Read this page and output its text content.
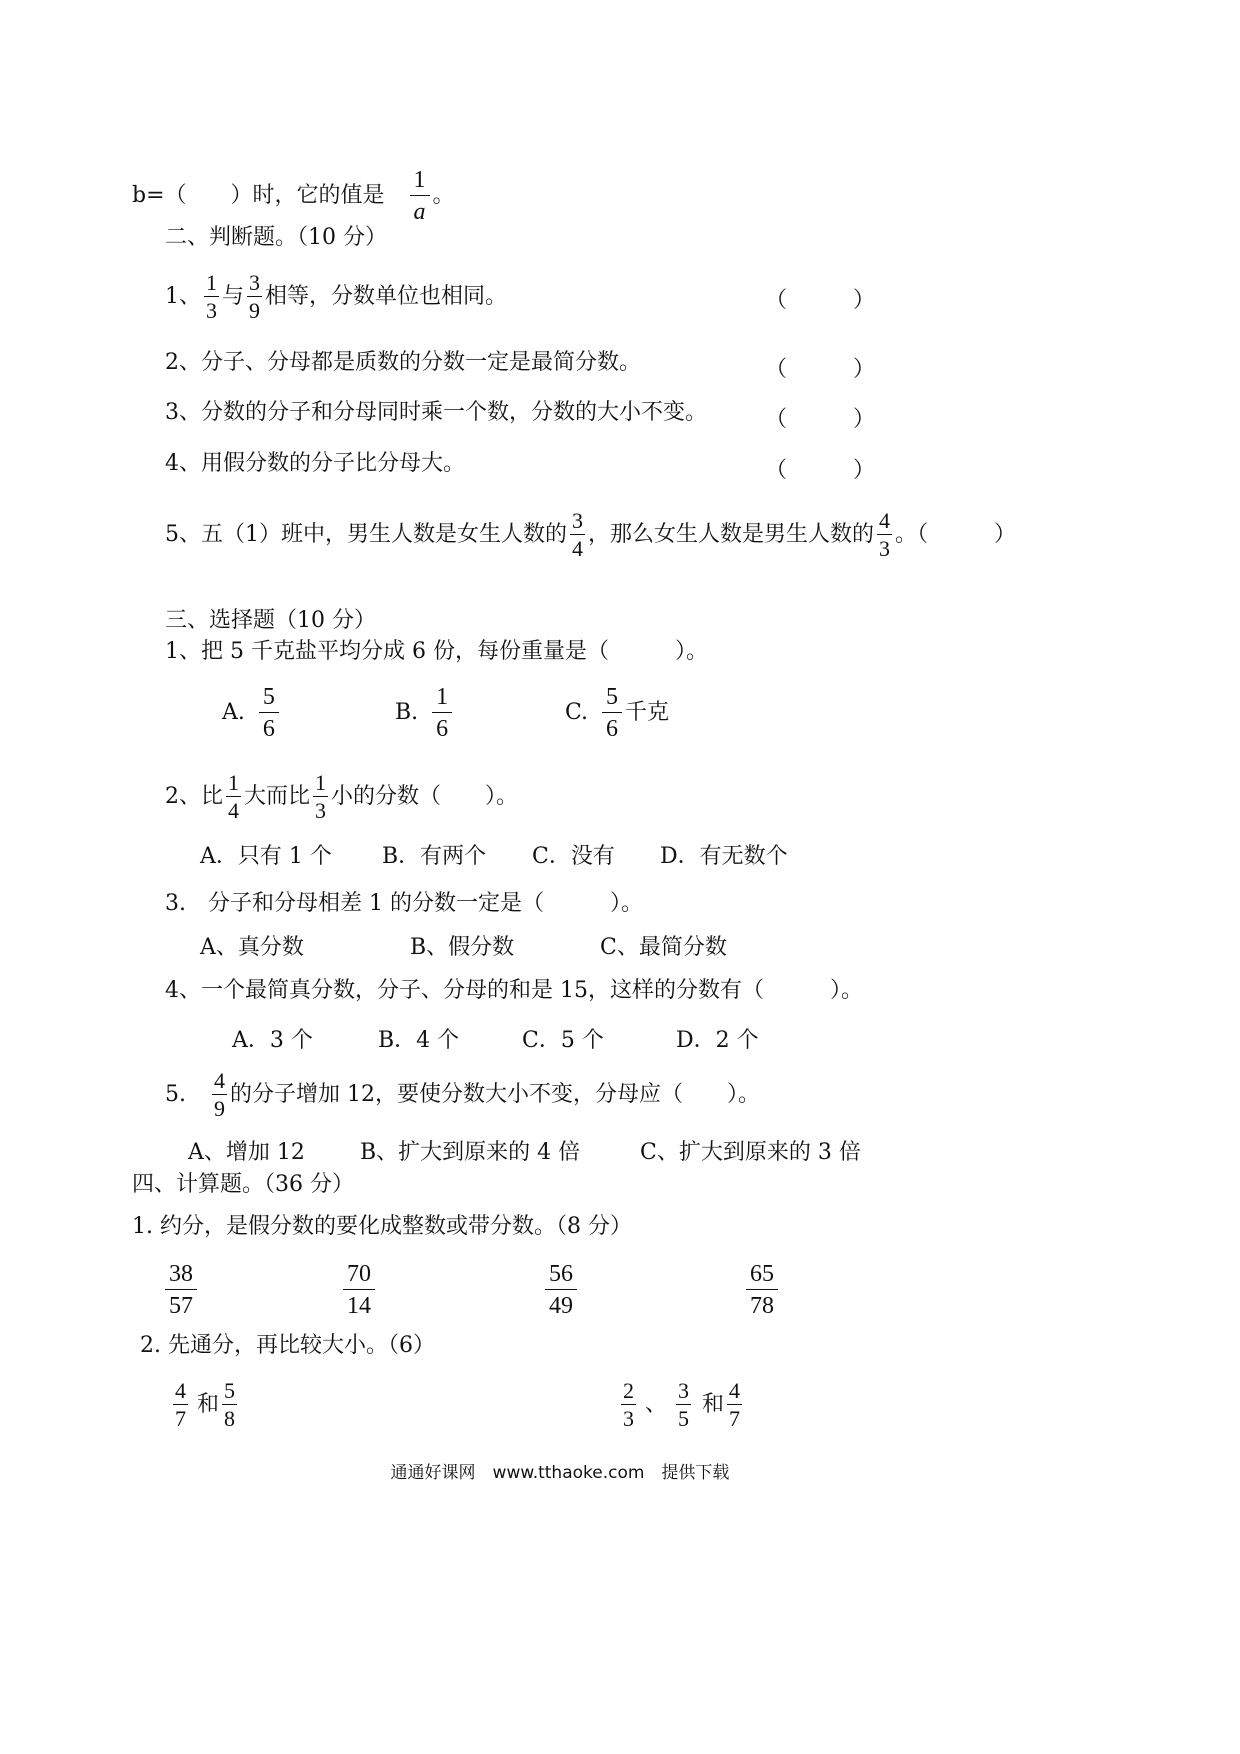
b=（　　）时，它的值是 $\frac{1}{a}$ 。
二、判断题。（10 分）
1、 $\frac{1}{3}$ 与 $\frac{3}{9}$ 相等，分数单位也相同。	（　　　）
2、分子、分母都是质数的分数一定是最简分数。	（　　　）
3、分数的分子和分母同时乘一个数，分数的大小不变。	（　　　）
4、用假分数的分子比分母大。	（　　　）
5、五（1）班中，男生人数是女生人数的 $\frac{3}{4}$ ，那么女生人数是男生人数的 $\frac{4}{3}$ 。（　　　）
三、选择题（10 分）
1、把 5 千克盐平均分成 6 份，每份重量是（　　　）。
A. $\frac{5}{6}$	B. $\frac{1}{6}$	C. $\frac{5}{6}$ 千克
2、比 $\frac{1}{4}$ 大而比 $\frac{1}{3}$ 小的分数（　　）。
A．只有 1 个 B．有两个 C．没有 D．有无数个
3.　分子和分母相差 1 的分数一定是（　　　）。
A、真分数	B、假分数	C、最简分数
4、一个最简真分数，分子、分母的和是 15，这样的分数有（　　　）。
A．3 个	B．4 个	C．5 个	D．2 个
5. $\frac{4}{9}$ 的分子增加 12，要使分数大小不变，分母应（　　）。
A、增加 12	B、扩大到原来的 4 倍	C、扩大到原来的 3 倍
四、计算题。（36 分）
1. 约分，是假分数的要化成整数或带分数。（8 分）
$\frac{38}{57}$	$\frac{70}{14}$	$\frac{56}{49}$	$\frac{65}{78}$
2. 先通分，再比较大小。（6）
$\frac{4}{7}$ 和 $\frac{5}{8}$	$\frac{2}{3}$ 、 $\frac{3}{5}$ 和 $\frac{4}{7}$
通通好课网　www.tthaoke.com　提供下载
